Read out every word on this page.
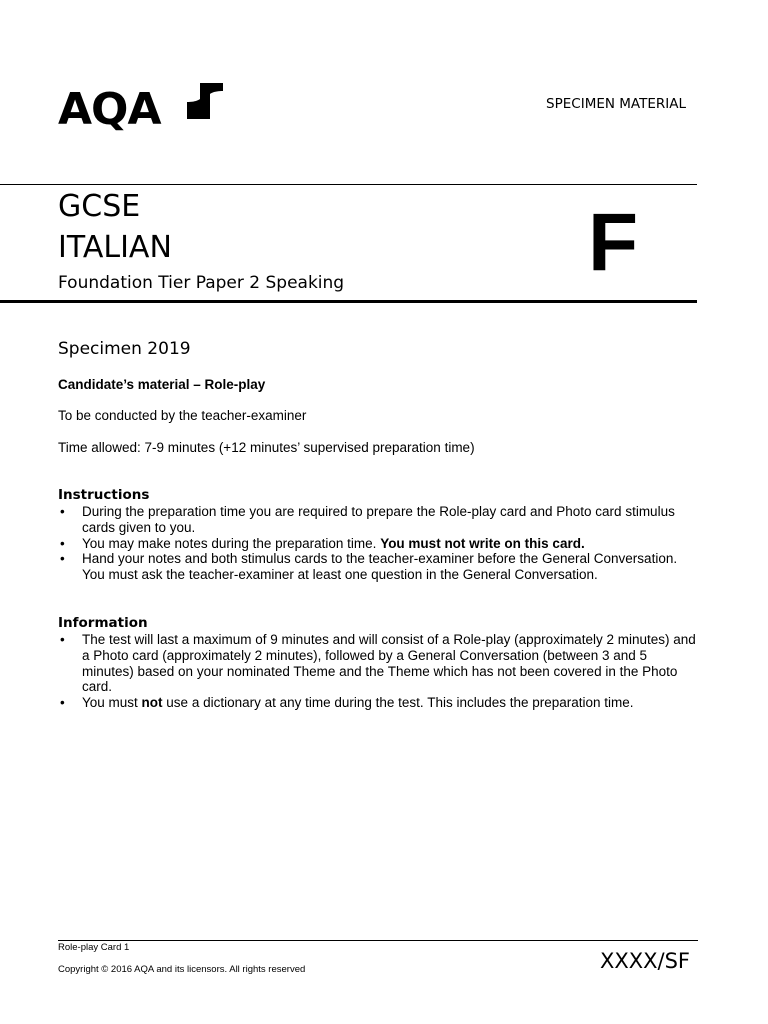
AQA	SPECIMEN MATERIAL
GCSE
ITALIAN
Foundation Tier Paper 2 Speaking	F
Specimen 2019
Candidate’s material – Role-play
To be conducted by the teacher-examiner
Time allowed: 7-9 minutes (+12 minutes’ supervised preparation time)
Instructions
• During the preparation time you are required to prepare the Role-play card and Photo card stimulus cards given to you.
• You may make notes during the preparation time. You must not write on this card.
• Hand your notes and both stimulus cards to the teacher-examiner before the General Conversation. You must ask the teacher-examiner at least one question in the General Conversation.
Information
• The test will last a maximum of 9 minutes and will consist of a Role-play (approximately 2 minutes) and a Photo card (approximately 2 minutes), followed by a General Conversation (between 3 and 5 minutes) based on your nominated Theme and the Theme which has not been covered in the Photo card.
• You must not use a dictionary at any time during the test. This includes the preparation time.
Role-play Card 1
Copyright © 2016 AQA and its licensors. All rights reserved	XXXX/SF
